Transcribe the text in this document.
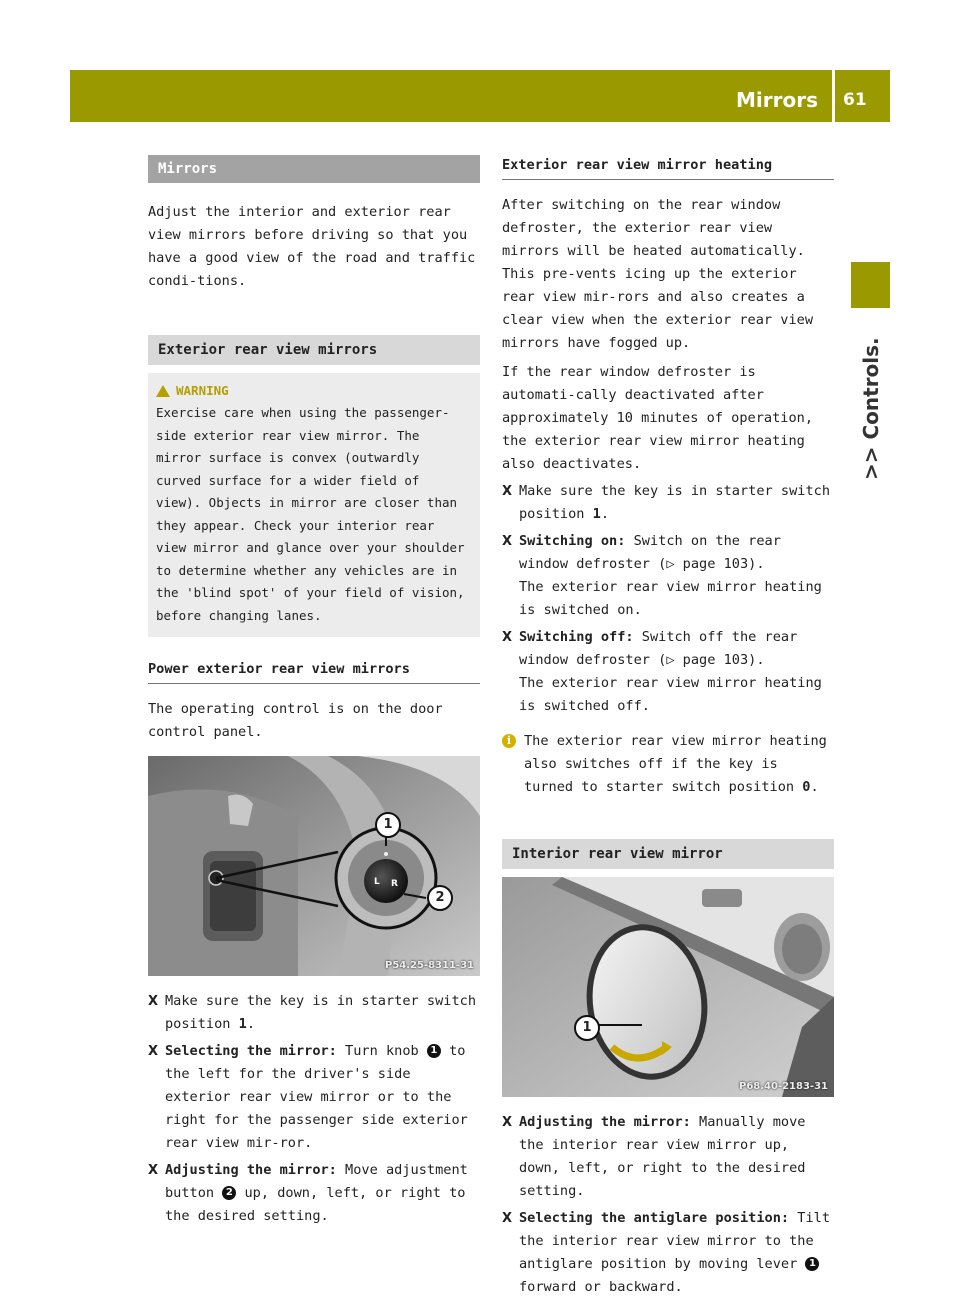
Mirrors 61
>> Controls.
Mirrors

Adjust the interior and exterior rear view mirrors before driving so that you have a good view of the road and traffic condi-tions.

Exterior rear view mirrors
WARNING
Exercise care when using the passenger-side exterior rear view mirror. The mirror surface is convex (outwardly curved surface for a wider field of view). Objects in mirror are closer than they appear. Check your interior rear view mirror and glance over your shoulder to determine whether any vehicles are in the 'blind spot' of your field of vision, before changing lanes.
Power exterior rear view mirrors

The operating control is on the door control panel.

L R
1
2
P54.25-8311-31
X Make sure the key is in starter switch position 1.
X Selecting the mirror: Turn knob 1 to the left for the driver's side exterior rear view mirror or to the right for the passenger side exterior rear view mir-ror.
X Adjusting the mirror: Move adjustment button 2 up, down, left, or right to the desired setting.
Exterior rear view mirror heating

After switching on the rear window defroster, the exterior rear view mirrors will be heated automatically. This pre-vents icing up the exterior rear view mir-rors and also creates a clear view when the exterior rear view mirrors have fogged up.

If the rear window defroster is automati-cally deactivated after approximately 10 minutes of operation, the exterior rear view mirror heating also deactivates.

X Make sure the key is in starter switch position 1.
X Switching on: Switch on the rear window defroster (▷ page 103).
The exterior rear view mirror heating is switched on.
X Switching off: Switch off the rear window defroster (▷ page 103).
The exterior rear view mirror heating is switched off.
i The exterior rear view mirror heating also switches off if the key is turned to starter switch position 0.
Interior rear view mirror
1
P68.40-2183-31
X Adjusting the mirror: Manually move the interior rear view mirror up, down, left, or right to the desired setting.
X Selecting the antiglare position: Tilt the interior rear view mirror to the antiglare position by moving lever 1 forward or backward.
